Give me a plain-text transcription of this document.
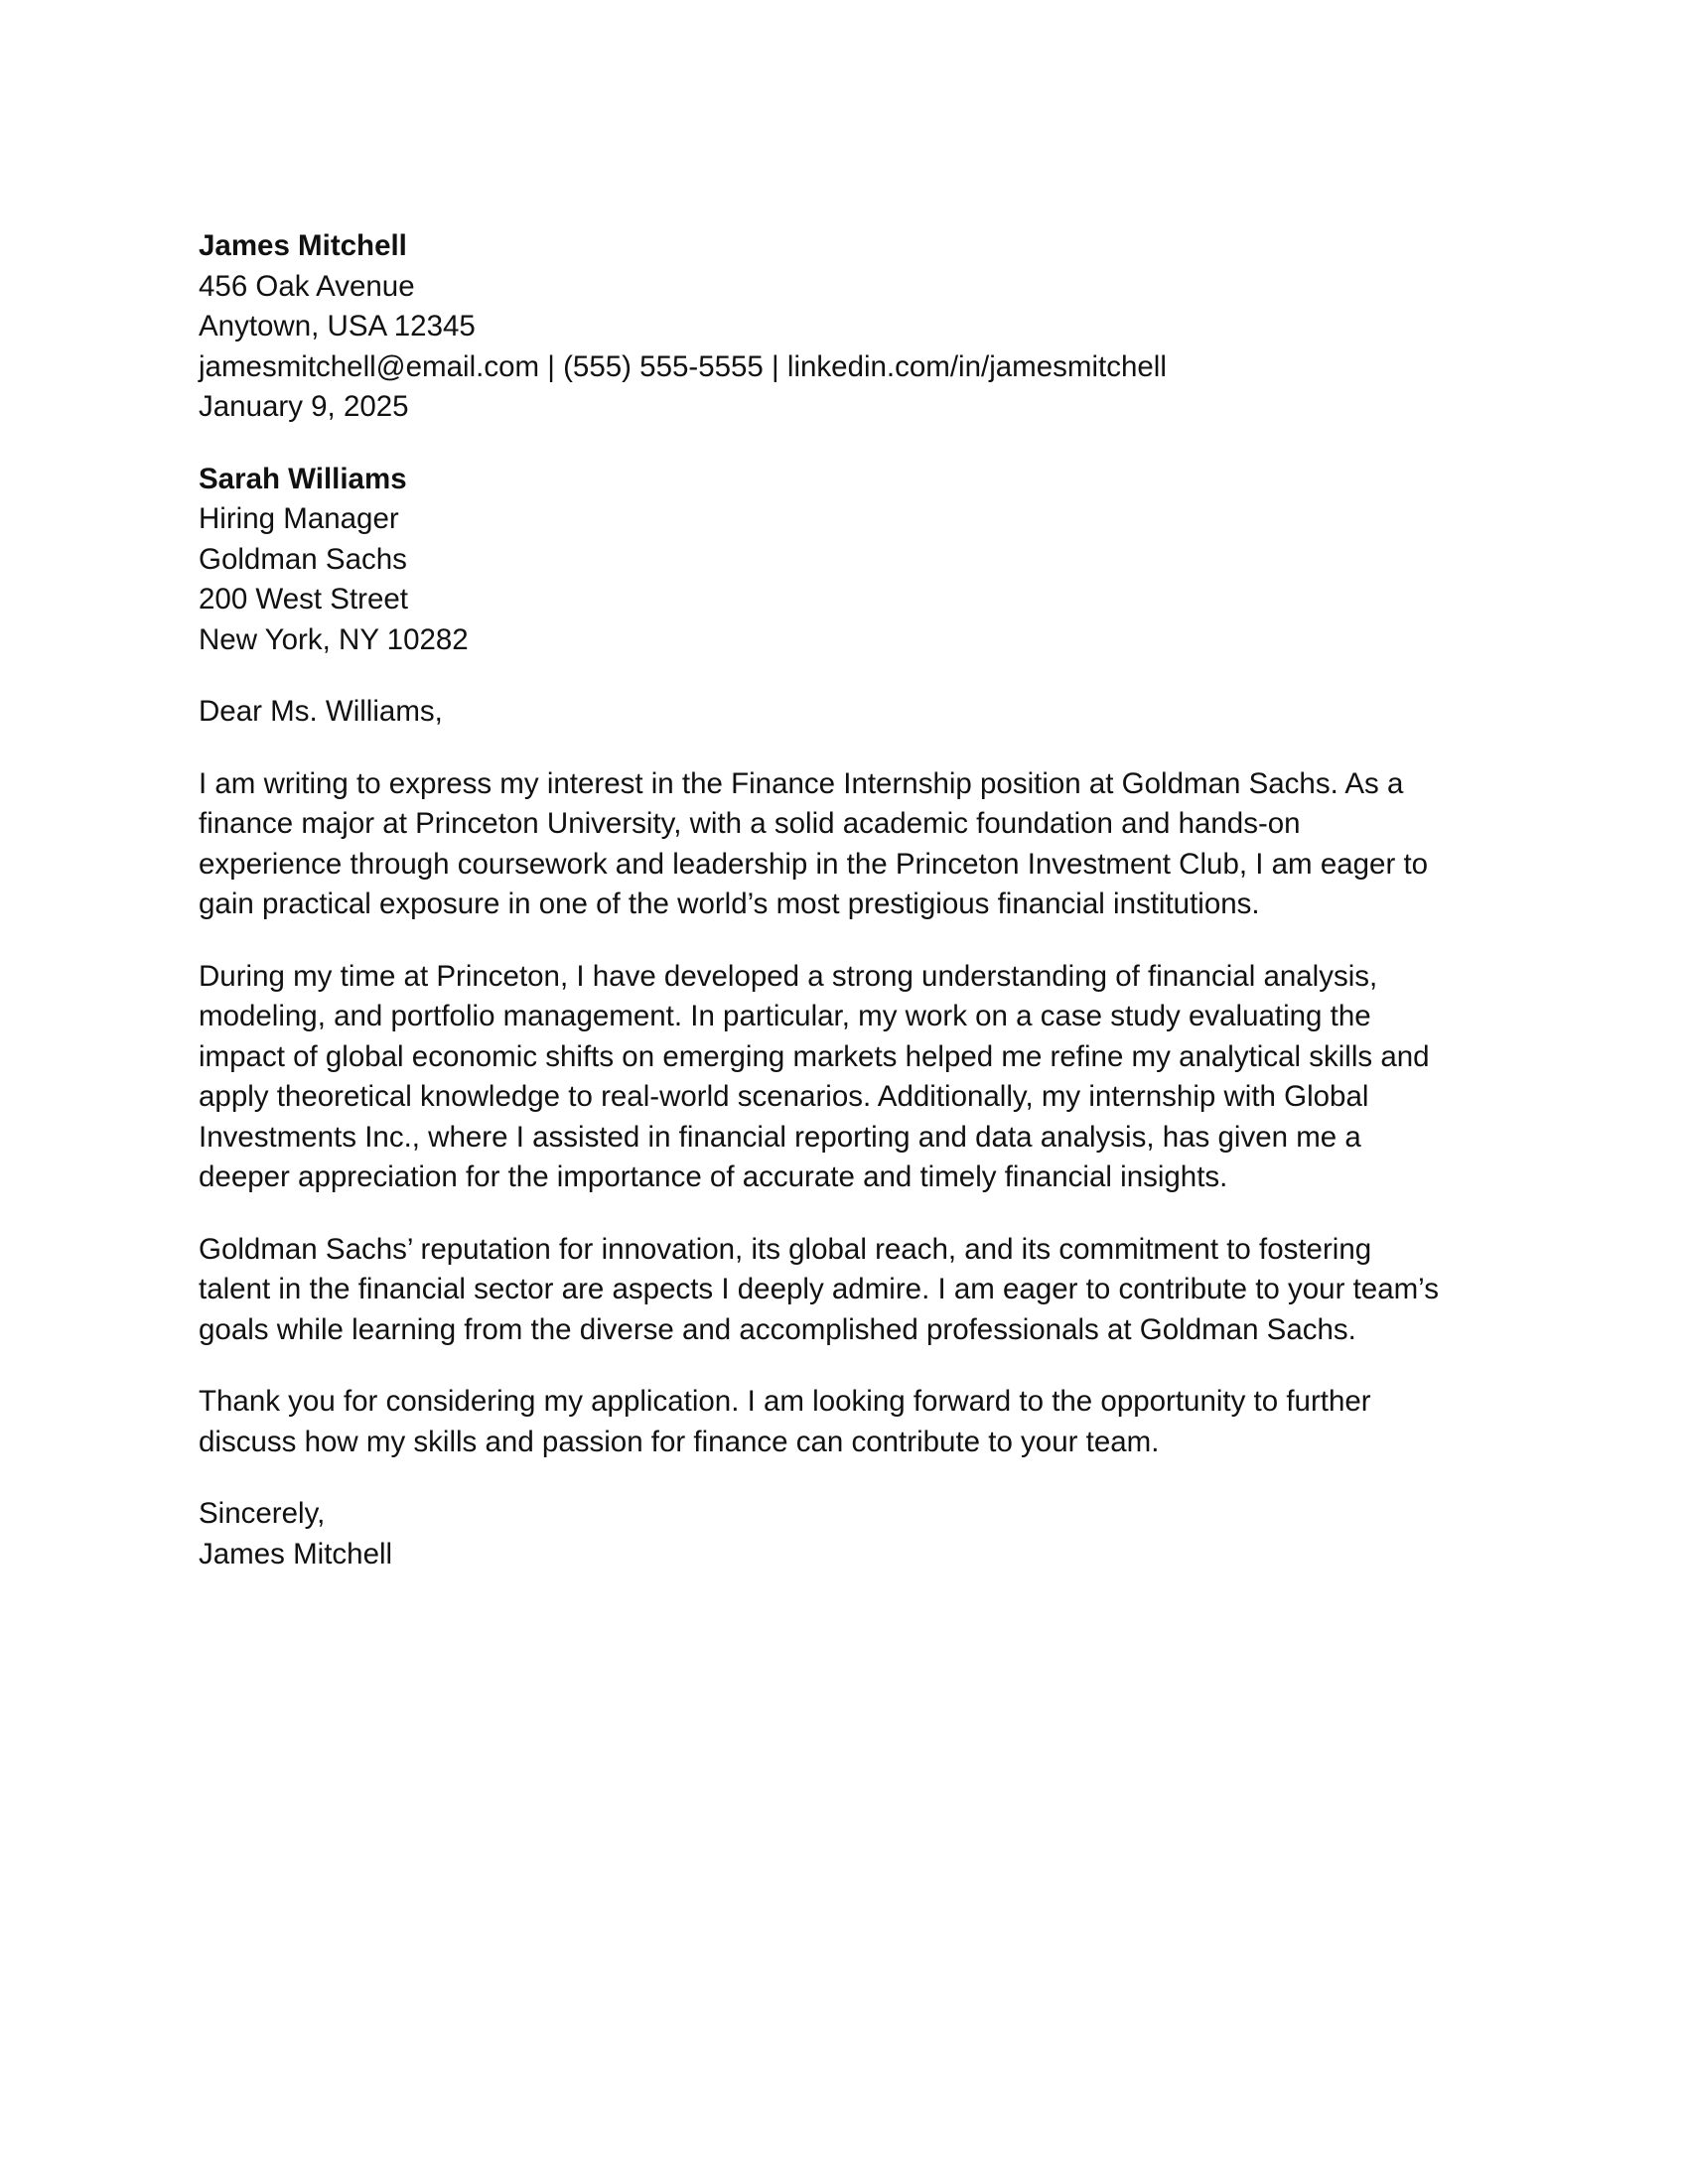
James Mitchell
456 Oak Avenue
Anytown, USA 12345
jamesmitchell@email.com | (555) 555-5555 | linkedin.com/in/jamesmitchell
January 9, 2025
Sarah Williams
Hiring Manager
Goldman Sachs
200 West Street
New York, NY 10282
Dear Ms. Williams,
I am writing to express my interest in the Finance Internship position at Goldman Sachs. As a
finance major at Princeton University, with a solid academic foundation and hands-on
experience through coursework and leadership in the Princeton Investment Club, I am eager to
gain practical exposure in one of the world’s most prestigious financial institutions.
During my time at Princeton, I have developed a strong understanding of financial analysis,
modeling, and portfolio management. In particular, my work on a case study evaluating the
impact of global economic shifts on emerging markets helped me refine my analytical skills and
apply theoretical knowledge to real-world scenarios. Additionally, my internship with Global
Investments Inc., where I assisted in financial reporting and data analysis, has given me a
deeper appreciation for the importance of accurate and timely financial insights.
Goldman Sachs’ reputation for innovation, its global reach, and its commitment to fostering
talent in the financial sector are aspects I deeply admire. I am eager to contribute to your team’s
goals while learning from the diverse and accomplished professionals at Goldman Sachs.
Thank you for considering my application. I am looking forward to the opportunity to further
discuss how my skills and passion for finance can contribute to your team.
Sincerely,
James Mitchell
